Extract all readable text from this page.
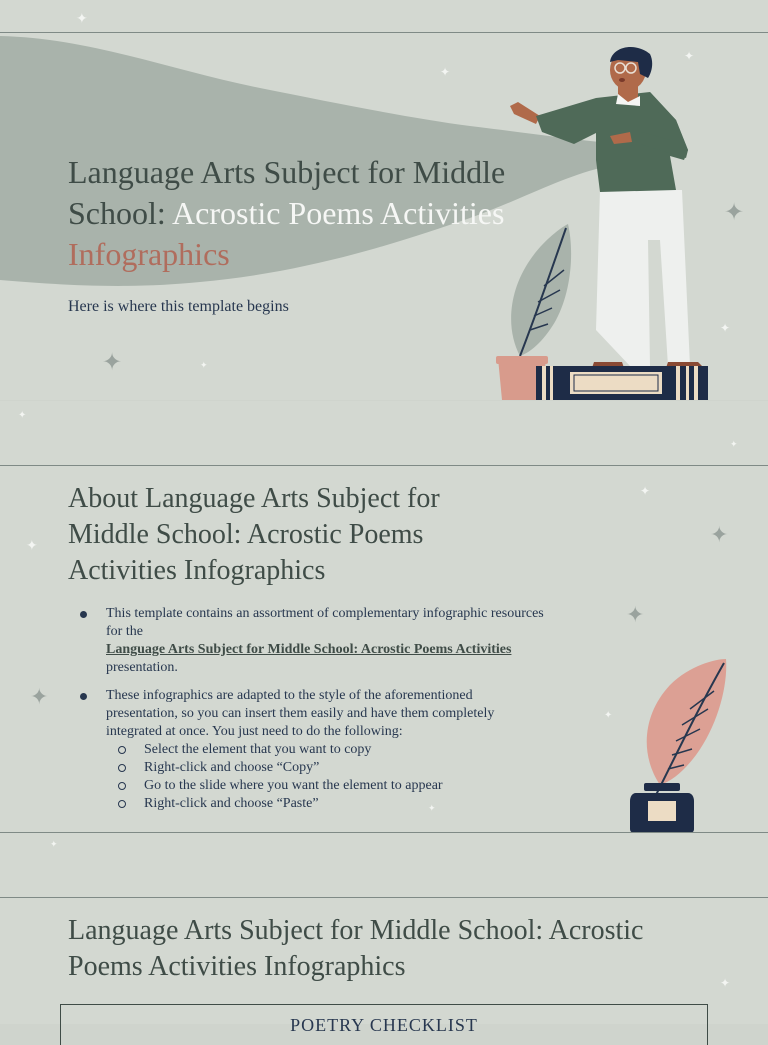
✦
✦
✦
✦
✦
✦	✦
Language Arts Subject for Middle School: Acrostic Poems Activities Infographics
Here is where this template begins
✦
✦
✦
✦
✦
✦
✦
✦
✦
About Language Arts Subject for Middle School: Acrostic Poems Activities Infographics
This template contains an assortment of complementary infographic resources for the
Language Arts Subject for Middle School: Acrostic Poems Activities
presentation.
These infographics are adapted to the style of the aforementioned presentation, so you can insert them easily and have them completely integrated at once. You just need to do the following:
Select the element that you want to copy
Right-click and choose “Copy”
Go to the slide where you want the element to appear
Right-click and choose “Paste”
✦
✦
Language Arts Subject for Middle School: Acrostic Poems Activities Infographics
POETRY CHECKLIST
